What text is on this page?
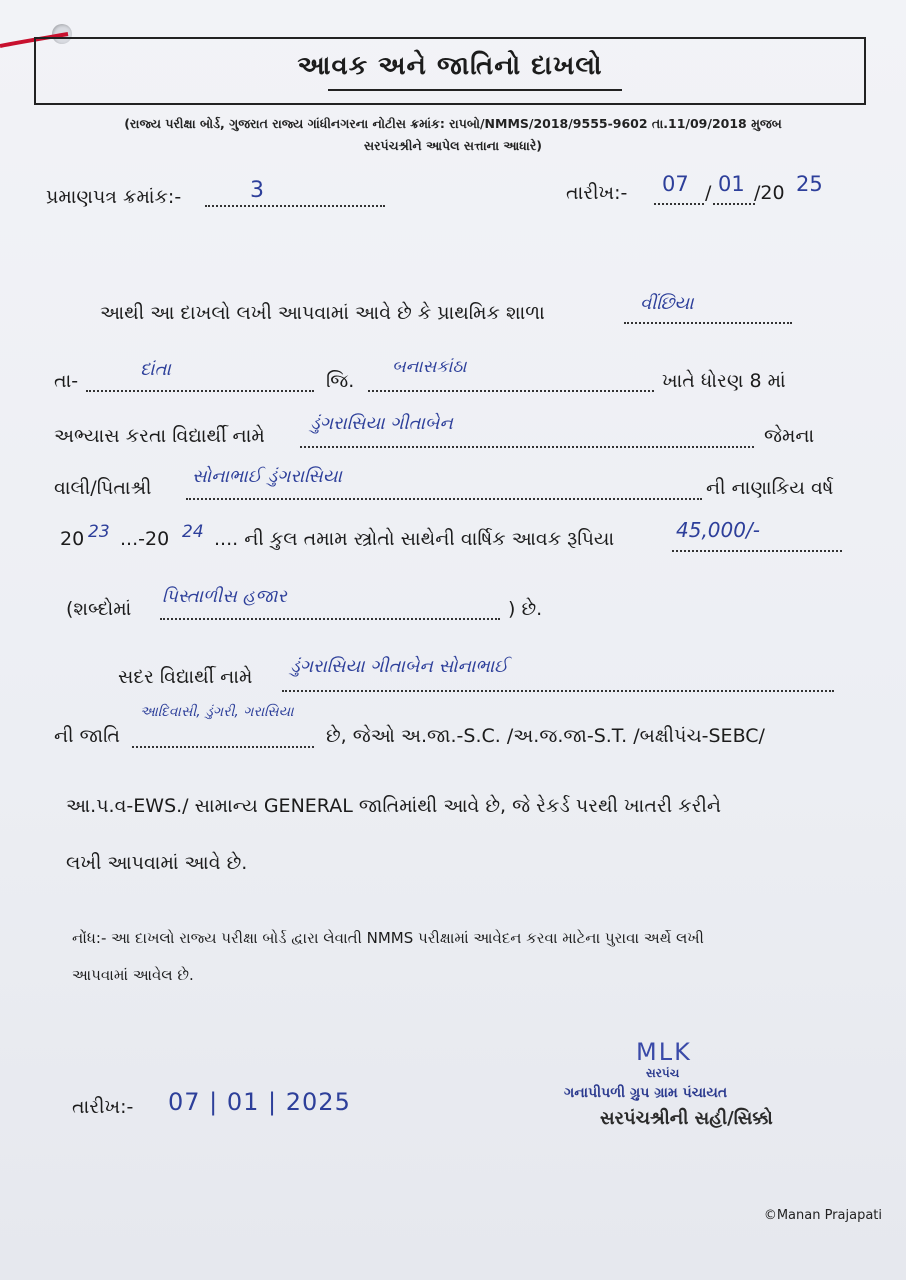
આવક અને જાતિનો દાખલો
(રાજ્ય પરીક્ષા બોર્ડ, ગુજરાત રાજ્ય ગાંધીનગરના નોટીસ ક્રમાંક: રાપબો/NMMS/2018/9555-9602 તા.11/09/2018 મુજબ
સરપંચશ્રીને આપેલ સત્તાના આધારે)
પ્રમાણપત્ર ક્રમાંક:-	3	તારીખ:- 07 / 01 /20 25
આથી આ દાખલો લખી આપવામાં આવે છે કે પ્રાથમિક શાળા	વીંછિયા
તા-
દાંતા
જિ.
બનાસકાંઠા
ખાતે ધોરણ 8 માં
અભ્યાસ કરતા વિદ્યાર્થી નામે
ડુંગરાસિયા ગીતાબેન
જેમના
વાલી/પિતાશ્રી
સોનાભાઈ ડુંગરાસિયા
ની નાણાકિય વર્ષ
20 23 ...-20 24 .... ની કુલ તમામ સ્ત્રોતો સાથેની વાર્ષિક આવક રૂપિયા	45,000/-
(શબ્દોમાં
પિસ્તાળીસ હજાર
) છે.
સદર વિદ્યાર્થી નામે ડુંગરાસિયા ગીતાબેન સોનાભાઈ
ની જાતિ
આદિવાસી, ડુંગરી, ગરાસિયા
છે, જેઓ અ.જા.-S.C. /અ.જ.જા-S.T. /બક્ષીપંચ-SEBC/
આ.પ.વ-EWS./ સામાન્ય GENERAL જાતિમાંથી આવે છે, જે રેકર્ડ પરથી ખાતરી કરીને
લખી આપવામાં આવે છે.
નોંધ:- આ દાખલો રાજ્ય પરીક્ષા બોર્ડ દ્વારા લેવાતી NMMS પરીક્ષામાં આવેદન કરવા માટેના પુરાવા અર્થે લખી
આપવામાં આવેલ છે.
તારીખ:- 07 | 01 | 2025
MLK
સરપંચ
ગનાપીપળી ગ્રુપ ગ્રામ પંચાયત
સરપંચશ્રીની સહી/સિક્કો
©Manan Prajapati
